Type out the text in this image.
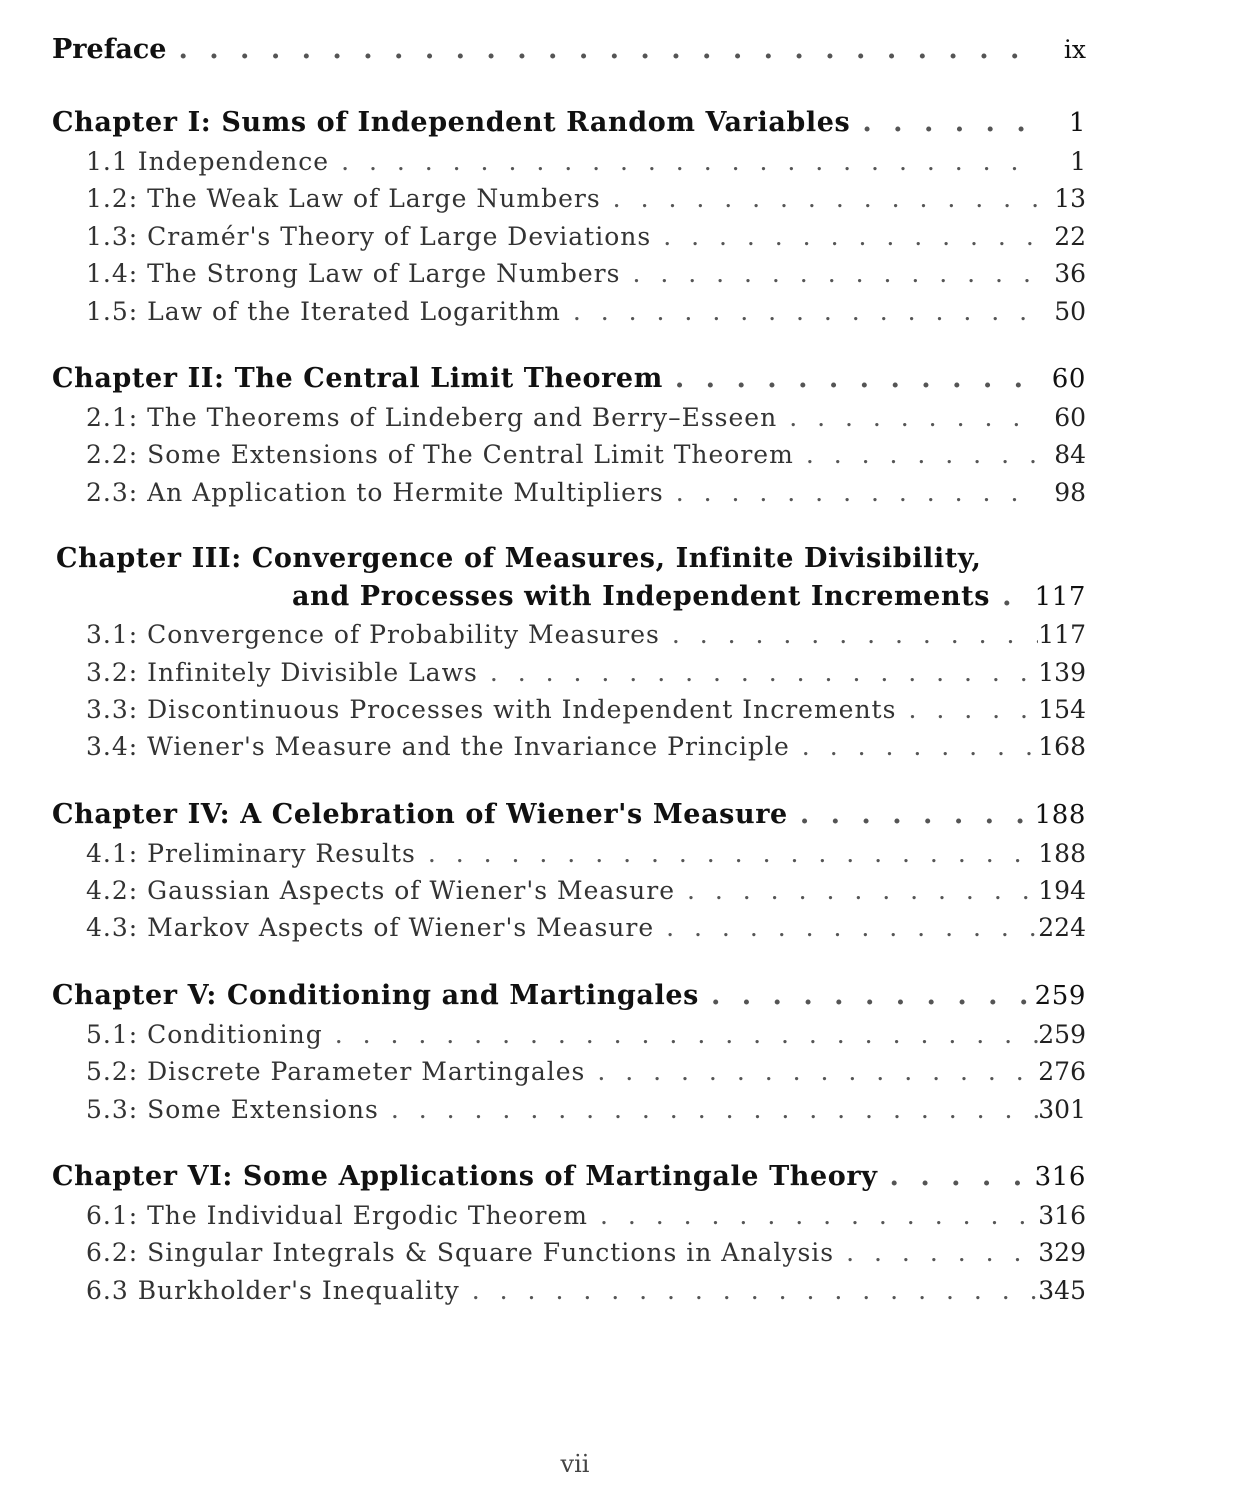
Preface . . .	ix
Chapter I: Sums of Independent Random Variables . . .	1
1.1 Independence . . .	1
1.2: The Weak Law of Large Numbers . . .	13
1.3: Cramér's Theory of Large Deviations . . .	22
1.4: The Strong Law of Large Numbers . . .	36
1.5: Law of the Iterated Logarithm . . .	50
Chapter II: The Central Limit Theorem . . .	60
2.1: The Theorems of Lindeberg and Berry–Esseen . . .	60
2.2: Some Extensions of The Central Limit Theorem . . .	84
2.3: An Application to Hermite Multipliers . . .	98
Chapter III: Convergence of Measures, Infinite Divisibility,
and Processes with Independent Increments . . . 117
3.1: Convergence of Probability Measures . . .	117
3.2: Infinitely Divisible Laws . . .	139
3.3: Discontinuous Processes with Independent Increments . . .	154
3.4: Wiener's Measure and the Invariance Principle . . .	168
Chapter IV: A Celebration of Wiener's Measure . . .	188
4.1: Preliminary Results . . .	188
4.2: Gaussian Aspects of Wiener's Measure . . .	194
4.3: Markov Aspects of Wiener's Measure . . .	224
Chapter V: Conditioning and Martingales . . .	259
5.1: Conditioning . . .	259
5.2: Discrete Parameter Martingales . . .	276
5.3: Some Extensions . . .	301
Chapter VI: Some Applications of Martingale Theory . . .	316
6.1: The Individual Ergodic Theorem . . .	316
6.2: Singular Integrals & Square Functions in Analysis . . .	329
6.3 Burkholder's Inequality . . .	345
vii
